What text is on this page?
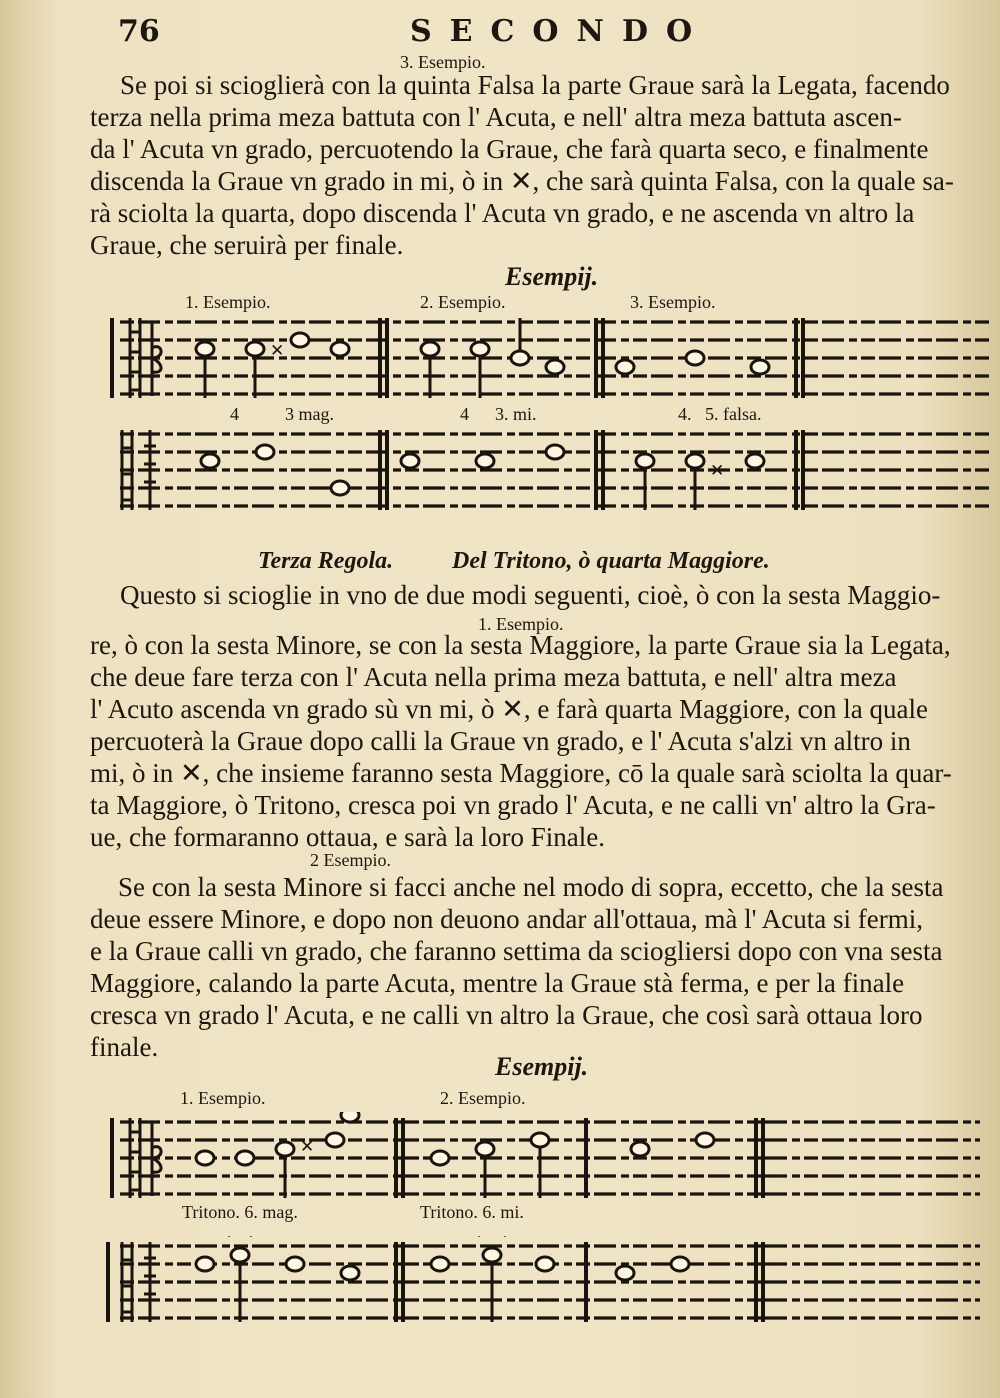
76	SECONDO
3. Esempio.
Se poi si scioglierà con la quinta Falsa la parte Graue sarà la Legata, facendo
terza nella prima meza battuta con l' Acuta, e nell' altra meza battuta ascen-
da l' Acuta vn grado, percuotendo la Graue, che farà quarta seco, e finalmente
discenda la Graue vn grado in mi, ò in ✕, che sarà quinta Falsa, con la quale sa-
rà sciolta la quarta, dopo discenda l' Acuta vn grado, e ne ascenda vn altro la
Graue, che seruirà per finale.
Esempij.
1. Esempio.	2. Esempio.	3. Esempio.
✕
4	3 mag.	4 3. mi.	4. 5. falsa.
✕
Terza Regola. Del Tritono, ò quarta Maggiore.
Questo si scioglie in vno de due modi seguenti, cioè, ò con la sesta Maggio-
1. Esempio.
re, ò con la sesta Minore, se con la sesta Maggiore, la parte Graue sia la Legata,
che deue fare terza con l' Acuta nella prima meza battuta, e nell' altra meza
l' Acuto ascenda vn grado sù vn mi, ò ✕, e farà quarta Maggiore, con la quale
percuoterà la Graue dopo calli la Graue vn grado, e l' Acuta s'alzi vn altro in
mi, ò in ✕, che insieme faranno sesta Maggiore, cō la quale sarà sciolta la quar-
ta Maggiore, ò Tritono, cresca poi vn grado l' Acuta, e ne calli vn' altro la Gra-
ue, che formaranno ottaua, e sarà la loro Finale.
2 Esempio.
Se con la sesta Minore si facci anche nel modo di sopra, eccetto, che la sesta
deue essere Minore, e dopo non deuono andar all'ottaua, mà l' Acuta si fermi,
e la Graue calli vn grado, che faranno settima da sciogliersi dopo con vna sesta
Maggiore, calando la parte Acuta, mentre la Graue stà ferma, e per la finale
cresca vn grado l' Acuta, e ne calli vn altro la Graue, che così sarà ottaua loro
finale.
Esempij.
1. Esempio.	2. Esempio.
✕
Tritono. 6. mag.	Tritono. 6. mi.
